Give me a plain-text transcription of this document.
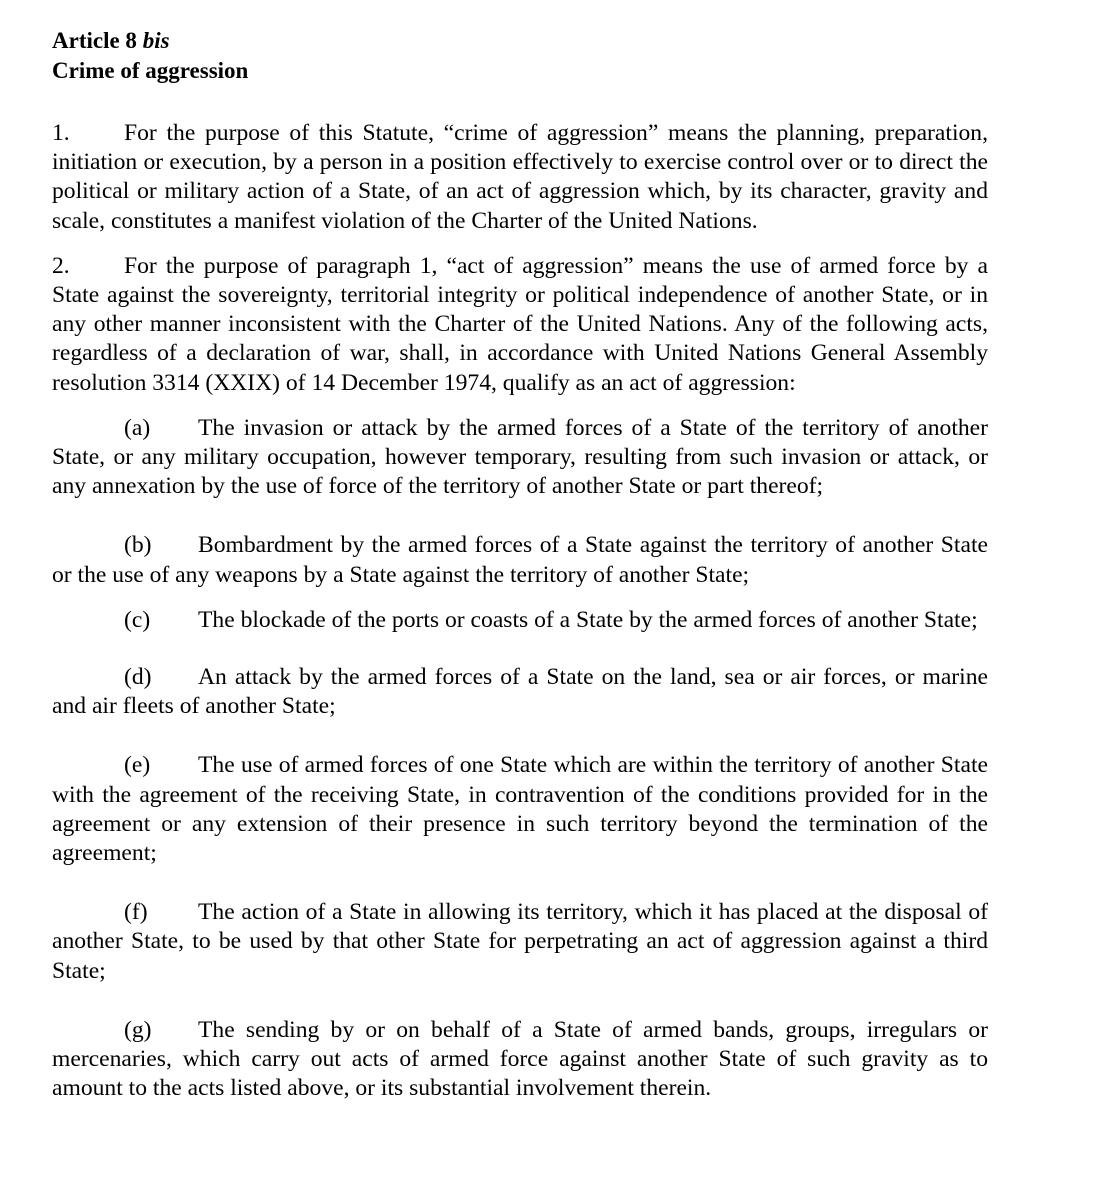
Article 8 bis
Crime of aggression

1. For the purpose of this Statute, “crime of aggression” means the planning, preparation, initiation or execution, by a person in a position effectively to exercise control over or to direct the political or military action of a State, of an act of aggression which, by its character, gravity and scale, constitutes a manifest violation of the Charter of the United Nations.

2. For the purpose of paragraph 1, “act of aggression” means the use of armed force by a State against the sovereignty, territorial integrity or political independence of another State, or in any other manner inconsistent with the Charter of the United Nations. Any of the following acts, regardless of a declaration of war, shall, in accordance with United Nations General Assembly resolution 3314 (XXIX) of 14 December 1974, qualify as an act of aggression:

(a) The invasion or attack by the armed forces of a State of the territory of another State, or any military occupation, however temporary, resulting from such invasion or attack, or any annexation by the use of force of the territory of another State or part thereof;

(b) Bombardment by the armed forces of a State against the territory of another State or the use of any weapons by a State against the territory of another State;

(c) The blockade of the ports or coasts of a State by the armed forces of another State;

(d) An attack by the armed forces of a State on the land, sea or air forces, or marine and air fleets of another State;

(e) The use of armed forces of one State which are within the territory of another State with the agreement of the receiving State, in contravention of the conditions provided for in the agreement or any extension of their presence in such territory beyond the termination of the agreement;

(f) The action of a State in allowing its territory, which it has placed at the disposal of another State, to be used by that other State for perpetrating an act of aggression against a third State;

(g) The sending by or on behalf of a State of armed bands, groups, irregulars or mercenaries, which carry out acts of armed force against another State of such gravity as to amount to the acts listed above, or its substantial involvement therein.
